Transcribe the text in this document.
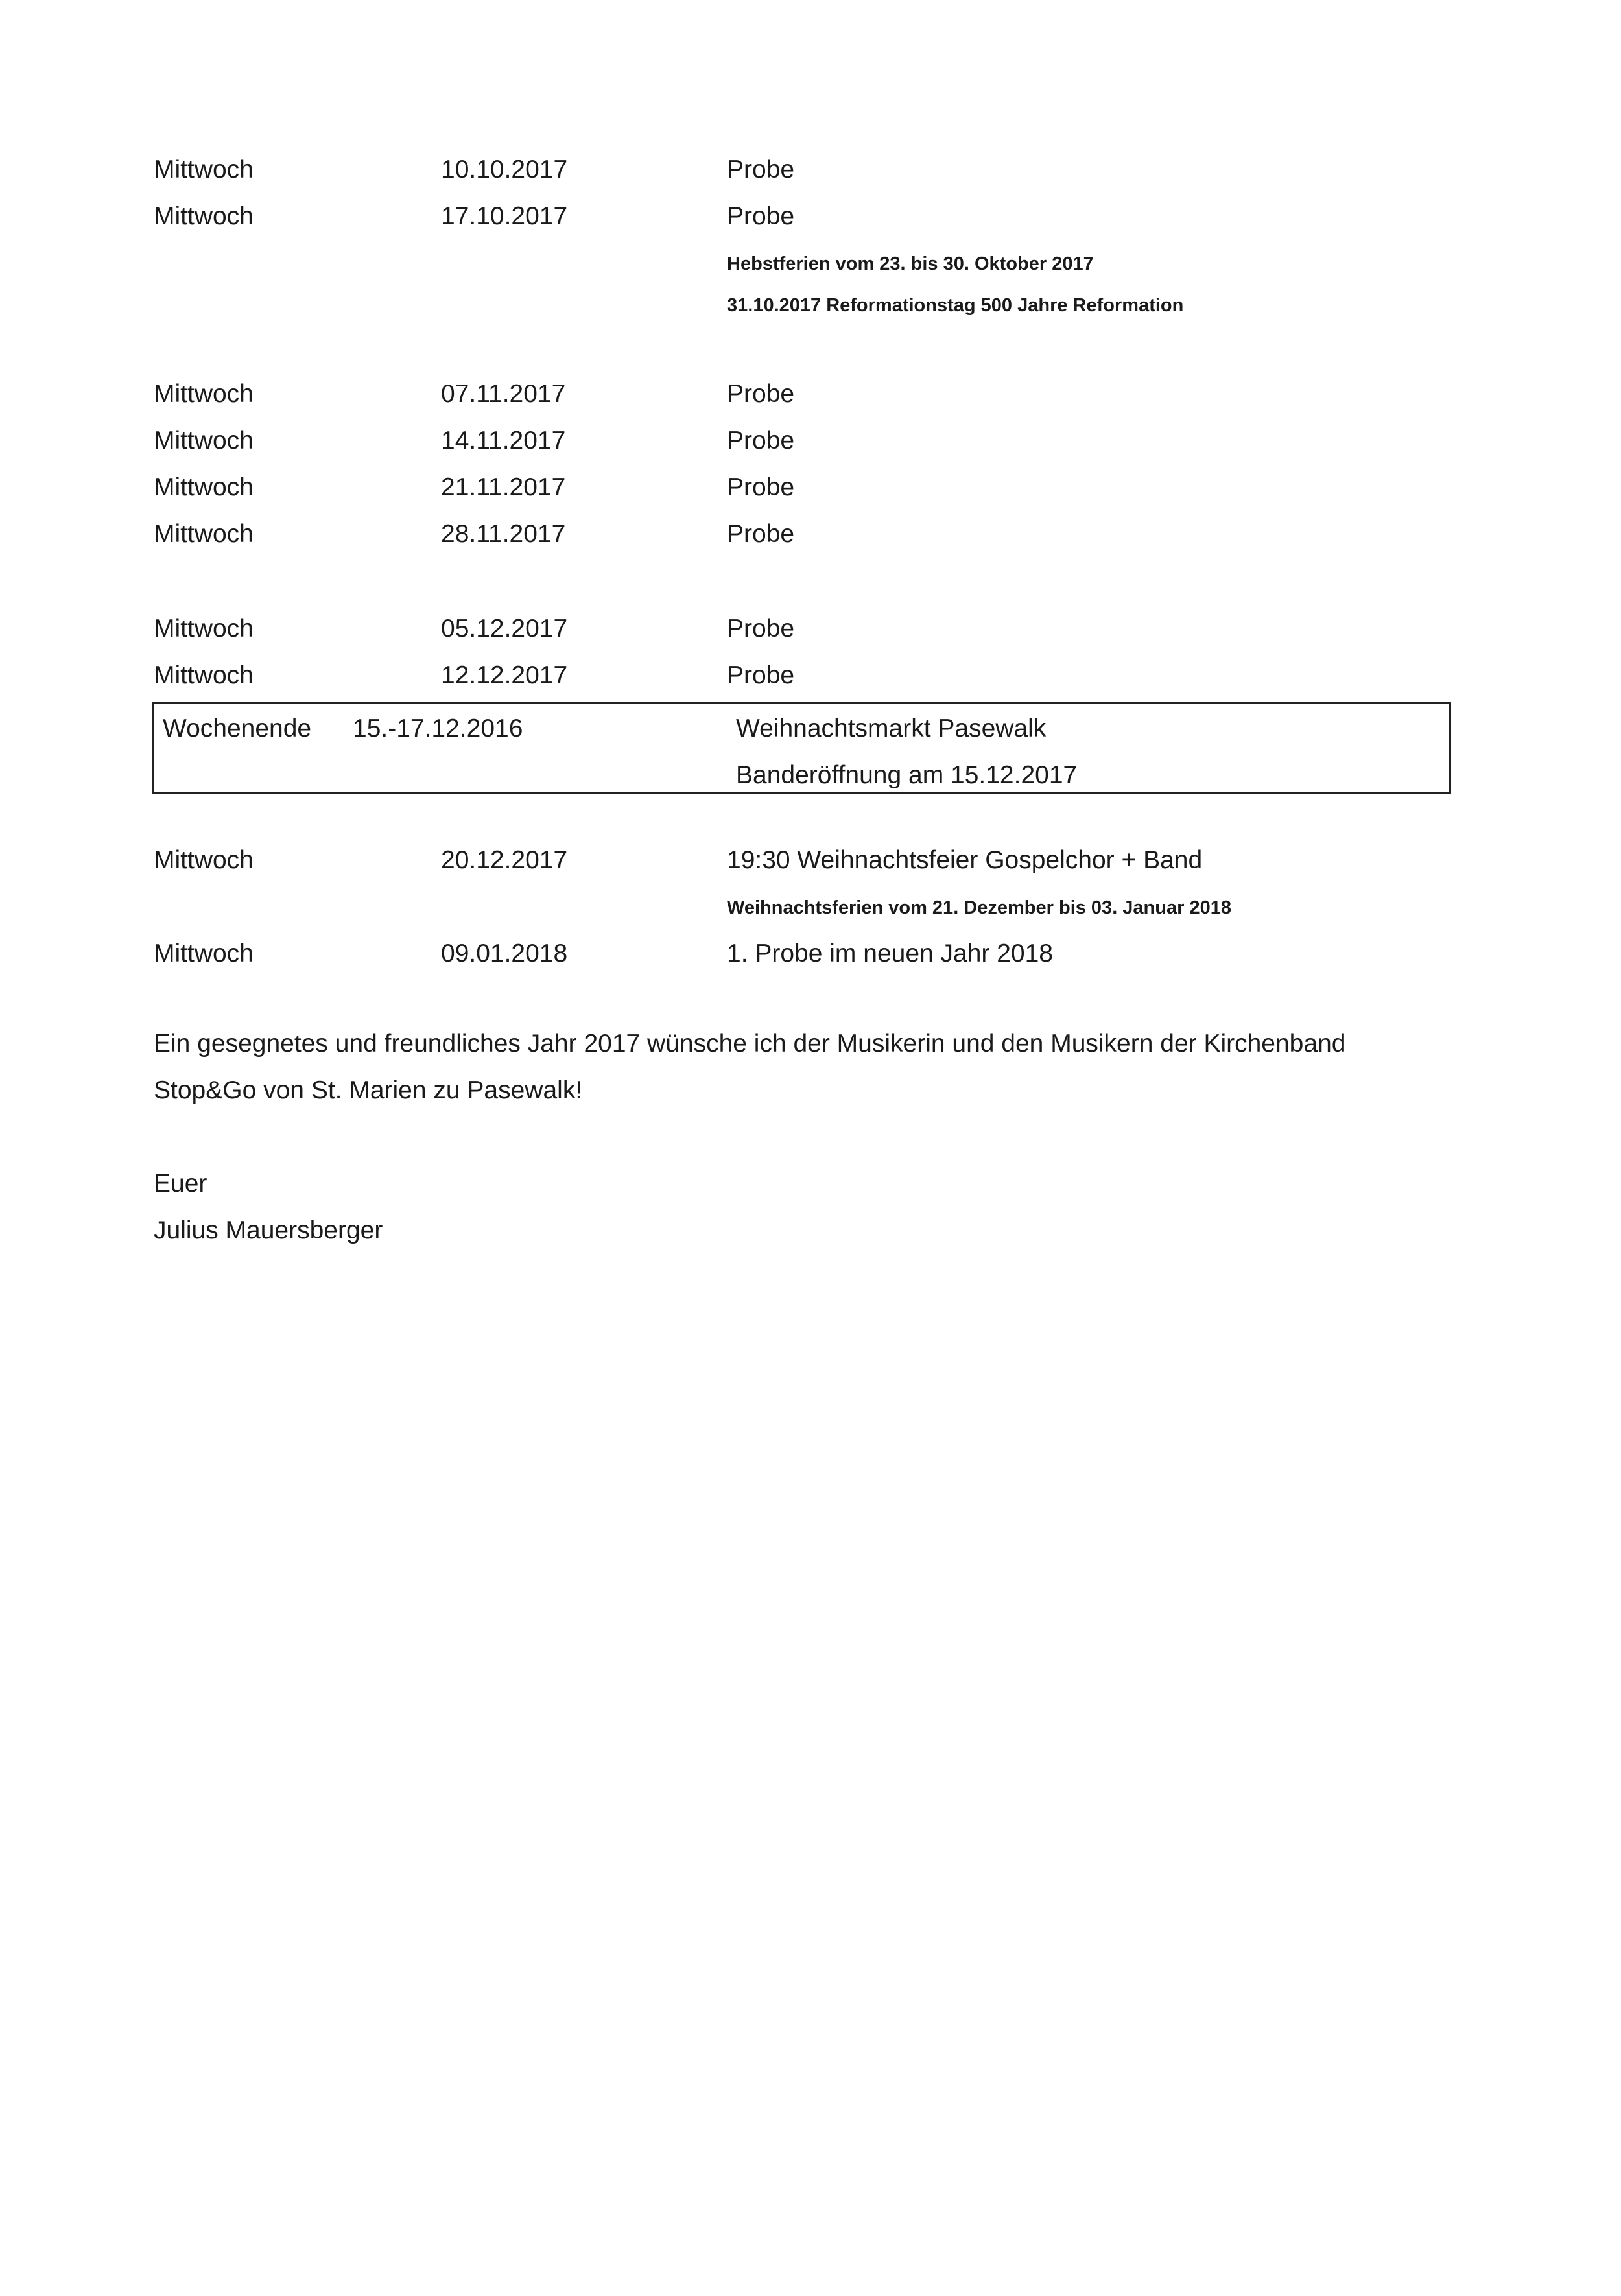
Mittwoch	10.10.2017	Probe
Mittwoch	17.10.2017	Probe
Hebstferien vom 23. bis 30. Oktober 2017
31.10.2017 Reformationstag 500 Jahre Reformation
Mittwoch	07.11.2017	Probe
Mittwoch	14.11.2017	Probe
Mittwoch	21.11.2017	Probe
Mittwoch	28.11.2017	Probe
Mittwoch	05.12.2017	Probe
Mittwoch	12.12.2017	Probe
Wochenende 15.-17.12.2016	Weihnachtsmarkt Pasewalk
Banderöffnung am 15.12.2017
Mittwoch	20.12.2017	19:30 Weihnachtsfeier Gospelchor + Band
Weihnachtsferien vom 21. Dezember bis 03. Januar 2018
Mittwoch	09.01.2018	1. Probe im neuen Jahr 2018
Ein gesegnetes und freundliches Jahr 2017 wünsche ich der Musikerin und den Musikern der Kirchenband
Stop&Go von St. Marien zu Pasewalk!
Euer
Julius Mauersberger
